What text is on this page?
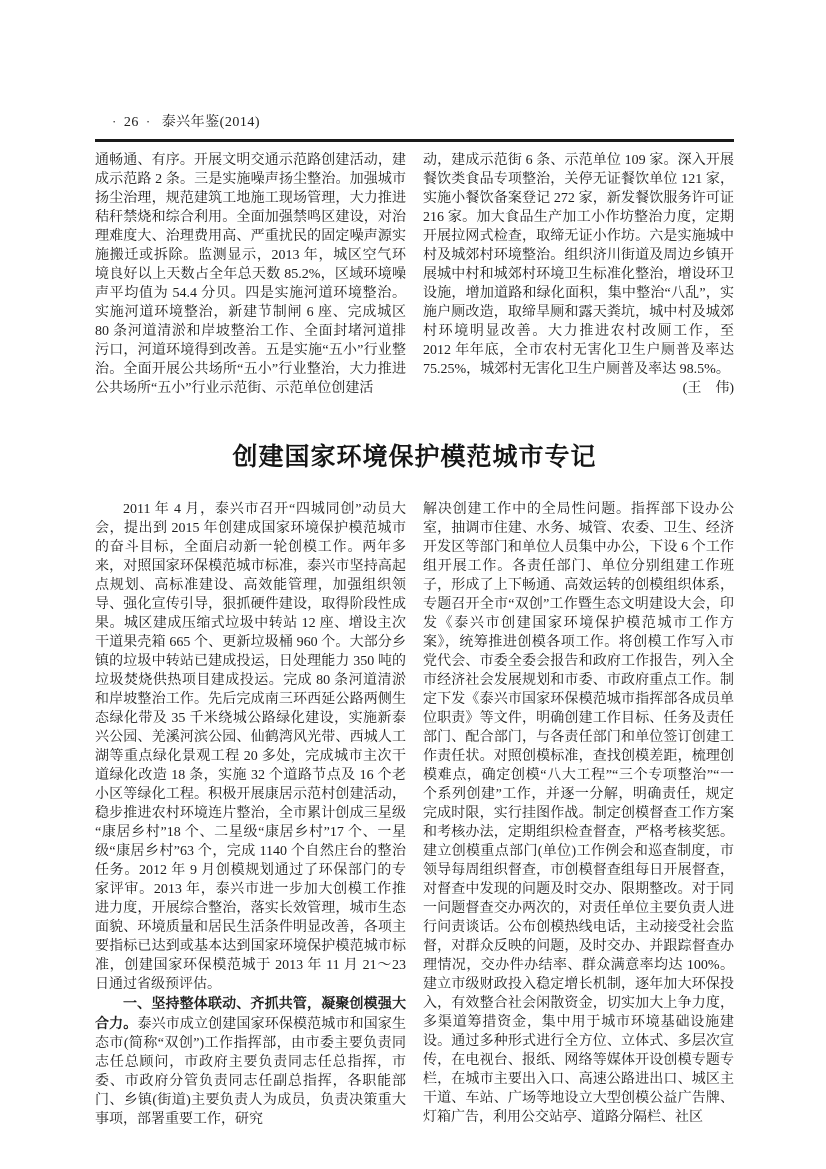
· 26 · 泰兴年鉴(2014)

通畅通、有序。开展文明交通示范路创建活动，建成示范路 2 条。三是实施噪声扬尘整治。加强城市扬尘治理，规范建筑工地施工现场管理，大力推进秸秆禁烧和综合利用。全面加强禁鸣区建设，对治理难度大、治理费用高、严重扰民的固定噪声源实施搬迁或拆除。监测显示，2013 年，城区空气环境良好以上天数占全年总天数 85.2%，区域环境噪声平均值为 54.4 分贝。四是实施河道环境整治。实施河道环境整治，新建节制闸 6 座、完成城区 80 条河道清淤和岸坡整治工作、全面封堵河道排污口，河道环境得到改善。五是实施“五小”行业整治。全面开展公共场所“五小”行业整治，大力推进公共场所“五小”行业示范街、示范单位创建活

动，建成示范街 6 条、示范单位 109 家。深入开展餐饮类食品专项整治，关停无证餐饮单位 121 家，实施小餐饮备案登记 272 家，新发餐饮服务许可证 216 家。加大食品生产加工小作坊整治力度，定期开展拉网式检查，取缔无证小作坊。六是实施城中村及城郊村环境整治。组织济川街道及周边乡镇开展城中村和城郊村环境卫生标准化整治，增设环卫设施，增加道路和绿化面积，集中整治“八乱”，实施户厕改造，取缔旱厕和露天粪坑，城中村及城郊村环境明显改善。大力推进农村改厕工作，至 2012 年年底，全市农村无害化卫生户厕普及率达 75.25%，城郊村无害化卫生户厕普及率达 98.5%。
(王　伟)

创建国家环境保护模范城市专记

2011 年 4 月，泰兴市召开“四城同创”动员大会，提出到 2015 年创建成国家环境保护模范城市的奋斗目标，全面启动新一轮创模工作。两年多来，对照国家环保模范城市标准，泰兴市坚持高起点规划、高标准建设、高效能管理，加强组织领导、强化宣传引导，狠抓硬件建设，取得阶段性成果。城区建成压缩式垃圾中转站 12 座、增设主次干道果壳箱 665 个、更新垃圾桶 960 个。大部分乡镇的垃圾中转站已建成投运，日处理能力 350 吨的垃圾焚烧供热项目建成投运。完成 80 条河道清淤和岸坡整治工作。先后完成南三环西延公路两侧生态绿化带及 35 千米绕城公路绿化建设，实施新泰兴公园、羌溪河滨公园、仙鹤湾风光带、西城人工湖等重点绿化景观工程 20 多处，完成城市主次干道绿化改造 18 条，实施 32 个道路节点及 16 个老小区等绿化工程。积极开展康居示范村创建活动，稳步推进农村环境连片整治，全市累计创成三星级“康居乡村”18 个、二星级“康居乡村”17 个、一星级“康居乡村”63 个，完成 1140 个自然庄台的整治任务。2012 年 9 月创模规划通过了环保部门的专家评审。2013 年，泰兴市进一步加大创模工作推进力度，开展综合整治，落实长效管理，城市生态面貌、环境质量和居民生活条件明显改善，各项主要指标已达到或基本达到国家环境保护模范城市标准，创建国家环保模范城于 2013 年 11 月 21～23 日通过省级预评估。

一、坚持整体联动、齐抓共管，凝聚创模强大合力。泰兴市成立创建国家环保模范城市和国家生态市(简称“双创”)工作指挥部，由市委主要负责同志任总顾问，市政府主要负责同志任总指挥，市委、市政府分管负责同志任副总指挥，各职能部门、乡镇(街道)主要负责人为成员，负责决策重大事项，部署重要工作，研究

解决创建工作中的全局性问题。指挥部下设办公室，抽调市住建、水务、城管、农委、卫生、经济开发区等部门和单位人员集中办公，下设 6 个工作组开展工作。各责任部门、单位分别组建工作班子，形成了上下畅通、高效运转的创模组织体系，专题召开全市“双创”工作暨生态文明建设大会，印发《泰兴市创建国家环境保护模范城市工作方案》，统筹推进创模各项工作。将创模工作写入市党代会、市委全委会报告和政府工作报告，列入全市经济社会发展规划和市委、市政府重点工作。制定下发《泰兴市国家环保模范城市指挥部各成员单位职责》等文件，明确创建工作目标、任务及责任部门、配合部门，与各责任部门和单位签订创建工作责任状。对照创模标准，查找创模差距，梳理创模难点，确定创模“八大工程”“三个专项整治”“一个系列创建”工作，并逐一分解，明确责任，规定完成时限，实行挂图作战。制定创模督查工作方案和考核办法，定期组织检查督查，严格考核奖惩。建立创模重点部门(单位)工作例会和巡查制度，市领导每周组织督查，市创模督查组每日开展督查，对督查中发现的问题及时交办、限期整改。对于同一问题督查交办两次的，对责任单位主要负责人进行问责谈话。公布创模热线电话，主动接受社会监督，对群众反映的问题，及时交办、并跟踪督查办理情况，交办件办结率、群众满意率均达 100%。建立市级财政投入稳定增长机制，逐年加大环保投入，有效整合社会闲散资金，切实加大上争力度，多渠道筹措资金，集中用于城市环境基础设施建设。通过多种形式进行全方位、立体式、多层次宣传，在电视台、报纸、网络等媒体开设创模专题专栏，在城市主要出入口、高速公路进出口、城区主干道、车站、广场等地设立大型创模公益广告牌、灯箱广告，利用公交站亭、道路分隔栏、社区
